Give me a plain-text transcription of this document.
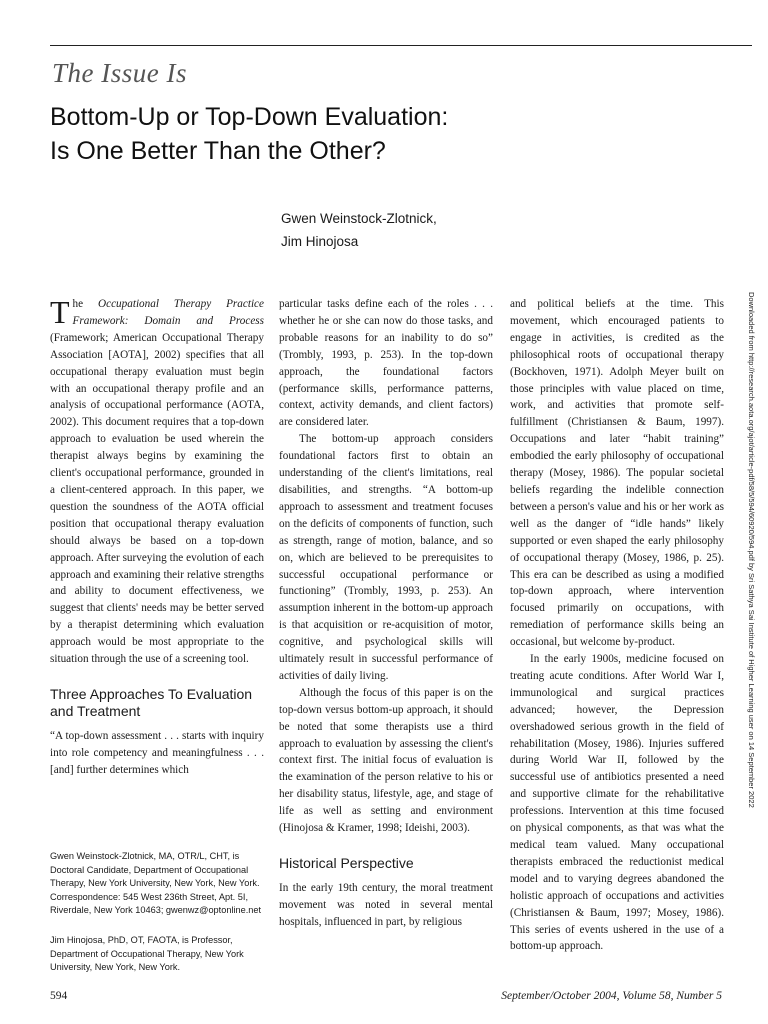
The Issue Is
Bottom-Up or Top-Down Evaluation:
Is One Better Than the Other?
Gwen Weinstock-Zlotnick,
Jim Hinojosa

The Occupational Therapy Practice Framework: Domain and Process (Framework; American Occupational Therapy Association [AOTA], 2002) specifies that all occupational therapy evaluation must begin with an occupational therapy profile and an analysis of occupational performance (AOTA, 2002). This document requires that a top-down approach to evaluation be used wherein the therapist always begins by examining the client's occupational performance, grounded in a client-centered approach. In this paper, we question the soundness of the AOTA official position that occupational therapy evaluation should always be based on a top-down approach. After surveying the evolution of each approach and examining their relative strengths and ability to document effectiveness, we suggest that clients' needs may be better served by a therapist determining which evaluation approach would be most appropriate to the situation through the use of a screening tool.

Three Approaches To Evaluation and Treatment

“A top-down assessment . . . starts with inquiry into role competency and meaningfulness . . . [and] further determines which

particular tasks define each of the roles . . . whether he or she can now do those tasks, and probable reasons for an inability to do so” (Trombly, 1993, p. 253). In the top-down approach, the foundational factors (performance skills, performance patterns, context, activity demands, and client factors) are considered later.

The bottom-up approach considers foundational factors first to obtain an understanding of the client's limitations, real disabilities, and strengths. “A bottom-up approach to assessment and treatment focuses on the deficits of components of function, such as strength, range of motion, balance, and so on, which are believed to be prerequisites to successful occupational performance or functioning” (Trombly, 1993, p. 253). An assumption inherent in the bottom-up approach is that acquisition or re-acquisition of motor, cognitive, and psychological skills will ultimately result in successful performance of activities of daily living.

Although the focus of this paper is on the top-down versus bottom-up approach, it should be noted that some therapists use a third approach to evaluation by assessing the client's context first. The initial focus of evaluation is the examination of the person relative to his or her disability status, lifestyle, age, and stage of life as well as setting and environment (Hinojosa & Kramer, 1998; Ideishi, 2003).

Historical Perspective

In the early 19th century, the moral treatment movement was noted in several mental hospitals, influenced in part, by religious

and political beliefs at the time. This movement, which encouraged patients to engage in activities, is credited as the philosophical roots of occupational therapy (Bockhoven, 1971). Adolph Meyer built on those principles with value placed on time, work, and activities that promote self-fulfillment (Christiansen & Baum, 1997). Occupations and later “habit training” embodied the early philosophy of occupational therapy (Mosey, 1986). The popular societal beliefs regarding the indelible connection between a person's value and his or her work as well as the danger of “idle hands” likely supported or even shaped the early philosophy of occupational therapy (Mosey, 1986, p. 25). This era can be described as using a modified top-down approach, where intervention focused primarily on occupations, with remediation of performance skills being an occasional, but welcome by-product.

In the early 1900s, medicine focused on treating acute conditions. After World War I, immunological and surgical practices advanced; however, the Depression overshadowed serious growth in the field of rehabilitation (Mosey, 1986). Injuries suffered during World War II, followed by the successful use of antibiotics presented a need and supportive climate for the rehabilitative professions. Intervention at this time focused on physical components, as that was what the medical team valued. Many occupational therapists embraced the reductionist medical model and to varying degrees abandoned the holistic approach of occupations and activities (Christiansen & Baum, 1997; Mosey, 1986). This series of events ushered in the use of a bottom-up approach.

Gwen Weinstock-Zlotnick, MA, OTR/L, CHT, is Doctoral Candidate, Department of Occupational Therapy, New York University, New York, New York. Correspondence: 545 West 236th Street, Apt. 5I, Riverdale, New York 10463; gwenwz@optonline.net
Jim Hinojosa, PhD, OT, FAOTA, is Professor, Department of Occupational Therapy, New York University, New York, New York.
594	September/October 2004, Volume 58, Number 5
Downloaded from http://research.aota.org/ajot/article-pdf/58/5/594/60920/594.pdf by Sri Sathya Sai Institute of Higher Learning user on 14 September 2022
